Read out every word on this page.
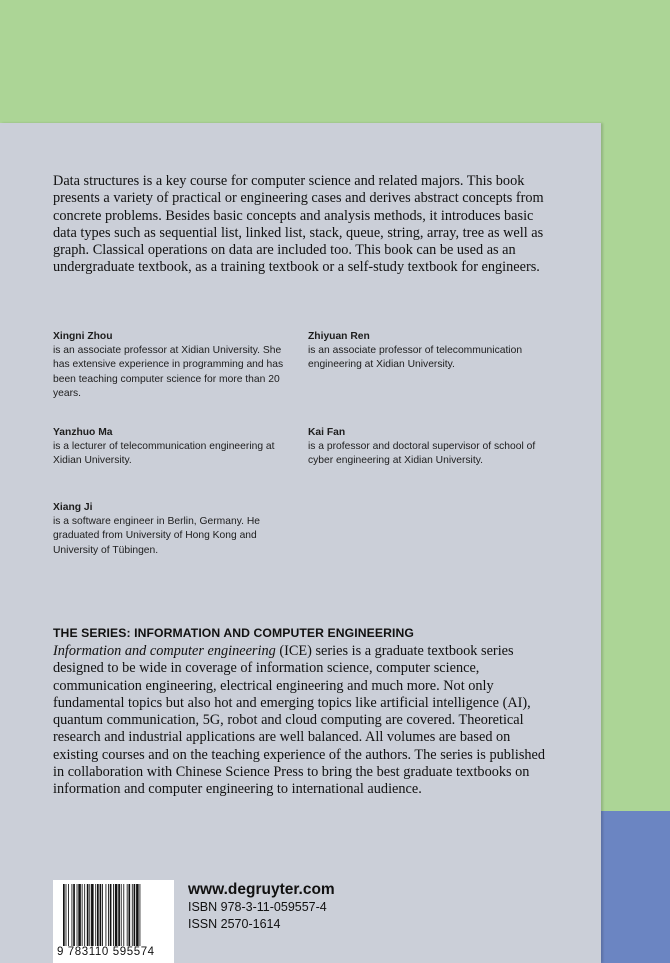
Data structures is a key course for computer science and related majors. This book presents a variety of practical or engineering cases and derives abstract concepts from concrete problems. Besides basic concepts and analysis methods, it introduces basic data types such as sequential list, linked list, stack, queue, string, array, tree as well as graph. Classical operations on data are included too. This book can be used as an undergraduate textbook, as a training textbook or a self-study textbook for engineers.

Xingni Zhou
is an associate professor at Xidian University. She has extensive experience in programming and has been teaching computer science for more than 20 years.
Zhiyuan Ren
is an associate professor of telecommunication engineering at Xidian University.
Yanzhuo Ma
is a lecturer of telecommunication engineering at Xidian University.
Kai Fan
is a professor and doctoral supervisor of school of cyber engineering at Xidian University.
Xiang Ji
is a software engineer in Berlin, Germany. He graduated from University of Hong Kong and University of Tübingen.

THE SERIES: INFORMATION AND COMPUTER ENGINEERING

Information and computer engineering (ICE) series is a graduate textbook series designed to be wide in coverage of information science, computer science, communication engineering, electrical engineering and much more. Not only fundamental topics but also hot and emerging topics like artificial intelligence (AI), quantum communication, 5G, robot and cloud computing are covered. Theoretical research and industrial applications are well balanced. All volumes are based on existing courses and on the teaching experience of the authors. The series is published in collaboration with Chinese Science Press to bring the best graduate textbooks on information and computer engineering to international audience.

9 783110 595574
www.degruyter.com
ISBN 978-3-11-059557-4
ISSN 2570-1614
